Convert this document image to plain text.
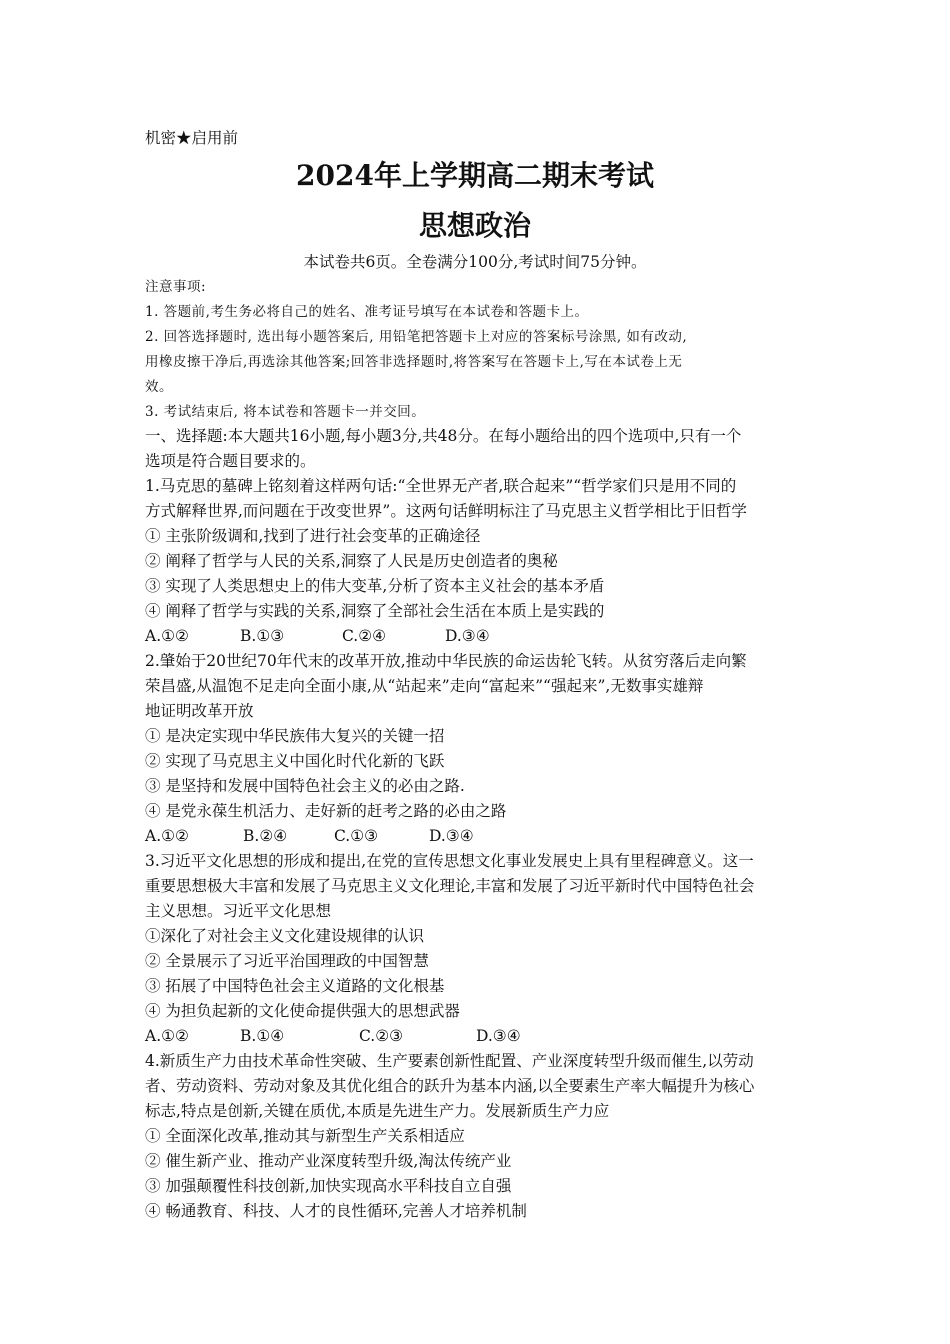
机密★启用前
2024年上学期高二期末考试
思想政治
本试卷共6页。全卷满分100分,考试时间75分钟。
注意事项:
1. 答题前,考生务必将自己的姓名、准考证号填写在本试卷和答题卡上。
2. 回答选择题时, 选出每小题答案后, 用铅笔把答题卡上对应的答案标号涂黑, 如有改动,
用橡皮擦干净后,再选涂其他答案;回答非选择题时,将答案写在答题卡上,写在本试卷上无
效。
3. 考试结束后, 将本试卷和答题卡一并交回。
一、选择题:本大题共16小题,每小题3分,共48分。在每小题给出的四个选项中,只有一个
选项是符合题目要求的。
1.马克思的墓碑上铭刻着这样两句话:“全世界无产者,联合起来”“哲学家们只是用不同的
方式解释世界,而问题在于改变世界”。这两句话鲜明标注了马克思主义哲学相比于旧哲学
① 主张阶级调和,找到了进行社会变革的正确途径
② 阐释了哲学与人民的关系,洞察了人民是历史创造者的奥秘
③ 实现了人类思想史上的伟大变革,分析了资本主义社会的基本矛盾
④ 阐释了哲学与实践的关系,洞察了全部社会生活在本质上是实践的
A.①②	B.①③	C.②④	D.③④
2.肇始于20世纪70年代末的改革开放,推动中华民族的命运齿轮飞转。从贫穷落后走向繁
荣昌盛,从温饱不足走向全面小康,从“站起来”走向“富起来”“强起来”,无数事实雄辩
地证明改革开放
① 是决定实现中华民族伟大复兴的关键一招
② 实现了马克思主义中国化时代化新的飞跃
③ 是坚持和发展中国特色社会主义的必由之路.
④ 是党永葆生机活力、走好新的赶考之路的必由之路
A.①②	B.②④	C.①③	D.③④
3.习近平文化思想的形成和提出,在党的宣传思想文化事业发展史上具有里程碑意义。这一
重要思想极大丰富和发展了马克思主义文化理论,丰富和发展了习近平新时代中国特色社会
主义思想。习近平文化思想
①深化了对社会主义文化建设规律的认识
② 全景展示了习近平治国理政的中国智慧
③ 拓展了中国特色社会主义道路的文化根基
④ 为担负起新的文化使命提供强大的思想武器
A.①②	B.①④	C.②③	D.③④
4.新质生产力由技术革命性突破、生产要素创新性配置、产业深度转型升级而催生,以劳动
者、劳动资料、劳动对象及其优化组合的跃升为基本内涵,以全要素生产率大幅提升为核心
标志,特点是创新,关键在质优,本质是先进生产力。发展新质生产力应
① 全面深化改革,推动其与新型生产关系相适应
② 催生新产业、推动产业深度转型升级,淘汰传统产业
③ 加强颠覆性科技创新,加快实现高水平科技自立自强
④ 畅通教育、科技、人才的良性循环,完善人才培养机制
